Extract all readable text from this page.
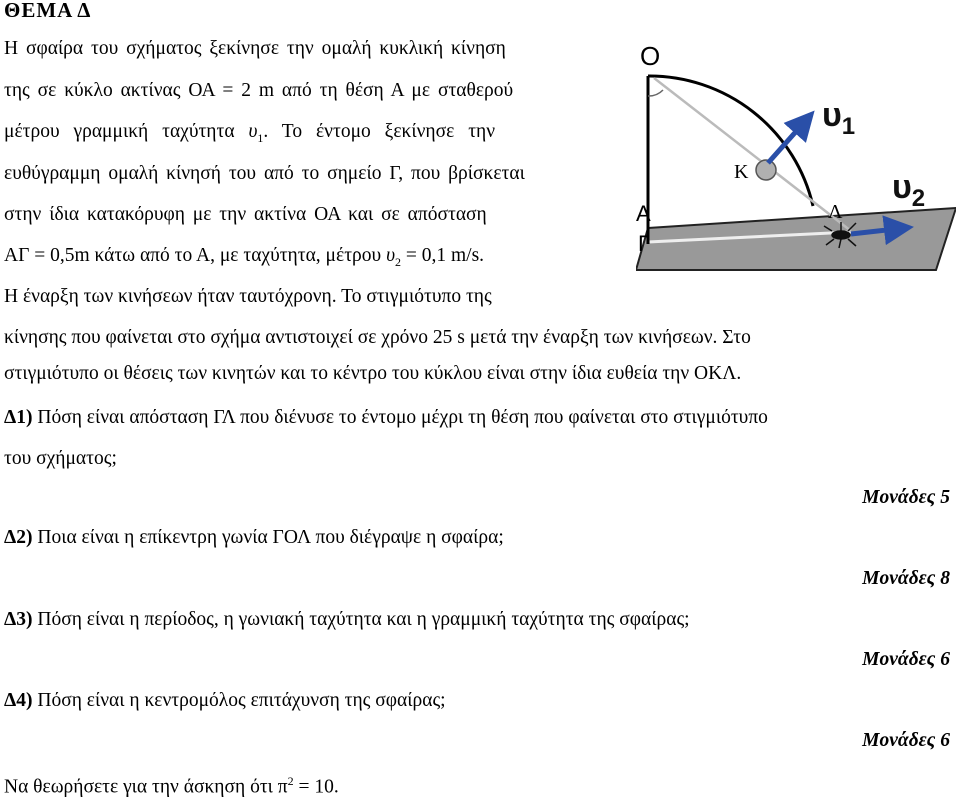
ΘΕΜΑ Δ
Η σφαίρα του σχήματος ξεκίνησε την ομαλή κυκλική κίνηση
της σε κύκλο ακτίνας ΟΑ = 2 m από τη θέση Α με σταθερού
μέτρου γραμμική ταχύτητα $\upsilon_1$. Το έντομο ξεκίνησε την
ευθύγραμμη ομαλή κίνησή του από το σημείο Γ, που βρίσκεται
στην ίδια κατακόρυφη με την ακτίνα ΟΑ και σε απόσταση
ΑΓ = 0,5m κάτω από το Α, με ταχύτητα, μέτρου $\upsilon_2 = 0,1$ m/s.
Η έναρξη των κινήσεων ήταν ταυτόχρονη. Το στιγμιότυπο της
κίνησης που φαίνεται στο σχήμα αντιστοιχεί σε χρόνο 25 s μετά την έναρξη των κινήσεων. Στο
στιγμιότυπο οι θέσεις των κινητών και το κέντρο του κύκλου είναι στην ίδια ευθεία την ΟΚΛ.
Δ1) Πόση είναι απόσταση ΓΛ που διένυσε το έντομο μέχρι τη θέση που φαίνεται στο στιγμιότυπο
του σχήματος;
Μονάδες 5
Δ2) Ποια είναι η επίκεντρη γωνία ΓΟΛ που διέγραψε η σφαίρα;
Μονάδες 8
Δ3) Πόση είναι η περίοδος, η γωνιακή ταχύτητα και η γραμμική ταχύτητα της σφαίρας;
Μονάδες 6
Δ4) Πόση είναι η κεντρομόλος επιτάχυνση της σφαίρας;
Μονάδες 6
Να θεωρήσετε για την άσκηση ότι $\pi^2 = 10$.
O
A
Γ
K
Λ
$\upsilon_1$
$\upsilon_2$
